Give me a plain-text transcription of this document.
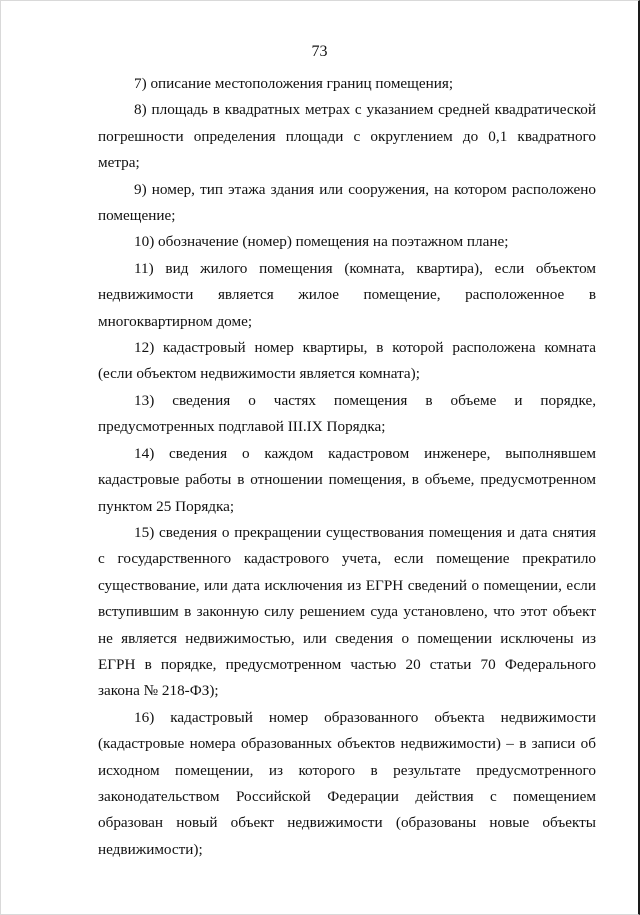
73

7) описание местоположения границ помещения;

8) площадь в квадратных метрах с указанием средней квадратической погрешности определения площади с округлением до 0,1 квадратного метра;

9) номер, тип этажа здания или сооружения, на котором расположено помещение;

10) обозначение (номер) помещения на поэтажном плане;

11) вид жилого помещения (комната, квартира), если объектом недвижимости является жилое помещение, расположенное в многоквартирном доме;

12) кадастровый номер квартиры, в которой расположена комната (если объектом недвижимости является комната);

13) сведения о частях помещения в объеме и порядке, предусмотренных подглавой III.IX Порядка;

14) сведения о каждом кадастровом инженере, выполнявшем кадастровые работы в отношении помещения, в объеме, предусмотренном пунктом 25 Порядка;

15) сведения о прекращении существования помещения и дата снятия с государственного кадастрового учета, если помещение прекратило существование, или дата исключения из ЕГРН сведений о помещении, если вступившим в законную силу решением суда установлено, что этот объект не является недвижимостью, или сведения о помещении исключены из ЕГРН в порядке, предусмотренном частью 20 статьи 70 Федерального закона № 218-ФЗ);

16) кадастровый номер образованного объекта недвижимости (кадастровые номера образованных объектов недвижимости) – в записи об исходном помещении, из которого в результате предусмотренного законодательством Российской Федерации действия с помещением образован новый объект недвижимости (образованы новые объекты недвижимости);
